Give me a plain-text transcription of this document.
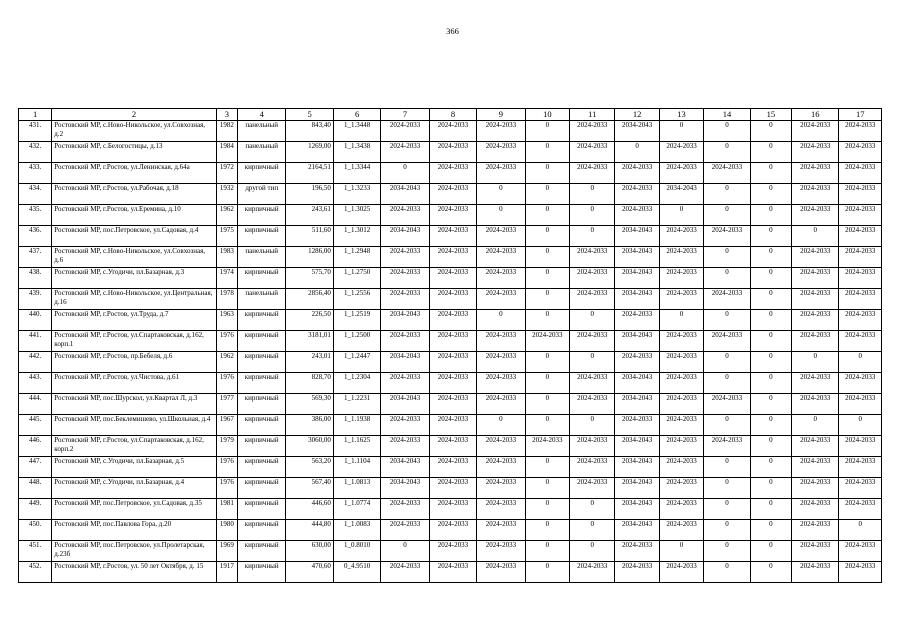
366
1	2	3	4	5	6	7	8	9	10	11	12	13	14	15	16	17
431.	Ростовский МР, с.Ново-Никольское, ул.Совхозная, д.2	1982	панельный	843,40	1_1.3448	2024-2033	2024-2033	2024-2033	0	2024-2033	2034-2043	0	0	0	2024-2033	2024-2033
432.	Ростовский МР, с.Белогостицы, д.13	1984	панельный	1269,00	1_1.3438	2024-2033	2024-2033	2024-2033	0	2024-2033	0	2024-2033	0	0	2024-2033	2024-2033
433.	Ростовский МР, г.Ростов, ул.Ленинская, д.64а	1972	кирпичный	2164,51	1_1.3344	0	2024-2033	2024-2033	0	2024-2033	2024-2033	2024-2033	2024-2033	0	2024-2033	2024-2033
434.	Ростовский МР, г.Ростов, ул.Рабочая, д.18	1932	другой тип	196,50	1_1.3233	2034-2043	2024-2033	0	0	0	2024-2033	2034-2043	0	0	2024-2033	2024-2033
435.	Ростовский МР, г.Ростов, ул.Еремина, д.10	1962	кирпичный	243,61	1_1.3025	2024-2033	2024-2033	0	0	0	2024-2033	0	0	0	2024-2033	2024-2033
436.	Ростовский МР, пос.Петровское, ул.Садовая, д.4	1975	кирпичный	511,60	1_1.3012	2034-2043	2024-2033	2024-2033	0	0	2034-2043	2024-2033	2024-2033	0	0	2024-2033
437.	Ростовский МР, с.Ново-Никольское, ул.Совхозная, д.6	1983	панельный	1286,00	1_1.2948	2024-2033	2024-2033	2024-2033	0	2024-2033	2034-2043	2024-2033	0	0	2024-2033	2024-2033
438.	Ростовский МР, с.Угодичи, пл.Базарная, д.3	1974	кирпичный	575,70	1_1.2750	2024-2033	2024-2033	2024-2033	0	2024-2033	2034-2043	2024-2033	0	0	2024-2033	2024-2033
439.	Ростовский МР, с.Ново-Никольское, ул.Центральная, д.16	1978	панельный	2856,40	1_1.2556	2024-2033	2024-2033	2024-2033	0	2024-2033	2034-2043	2024-2033	2024-2033	0	2024-2033	2024-2033
440.	Ростовский МР, г.Ростов, ул.Труда, д.7	1963	кирпичный	226,50	1_1.2519	2034-2043	2024-2033	0	0	0	2024-2033	0	0	0	2024-2033	2024-2033
441.	Ростовский МР, г.Ростов, ул.Спартаковская, д.162, корп.1	1976	кирпичный	3181,01	1_1.2500	2024-2033	2024-2033	2024-2033	2024-2033	2024-2033	2034-2043	2024-2033	2024-2033	0	2024-2033	2024-2033
442.	Ростовский МР, г.Ростов, пр.Бебеля, д.6	1962	кирпичный	243,01	1_1.2447	2034-2043	2024-2033	2024-2033	0	0	2024-2033	2024-2033	0	0	0	0
443.	Ростовский МР, г.Ростов, ул.Чистова, д.61	1976	кирпичный	828,70	1_1.2304	2024-2033	2024-2033	2024-2033	0	2024-2033	2034-2043	2024-2033	0	0	2024-2033	2024-2033
444.	Ростовский МР, пос.Шурскол, ул.Квартал Л, д.3	1977	кирпичный	569,30	1_1.2231	2034-2043	2024-2033	2024-2033	0	2024-2033	2034-2043	2024-2033	2024-2033	0	2024-2033	2024-2033
445.	Ростовский МР, пос.Беклемишево, ул.Школьная, д.4	1967	кирпичный	386,00	1_1.1938	2024-2033	2024-2033	0	0	0	2024-2033	2024-2033	0	0	0	0
446.	Ростовский МР, г.Ростов, ул.Спартаковская, д.162, корп.2	1979	кирпичный	3060,00	1_1.1625	2024-2033	2024-2033	2024-2033	2024-2033	2024-2033	2034-2043	2024-2033	2024-2033	0	2024-2033	2024-2033
447.	Ростовский МР, с.Угодичи, пл.Базарная, д.5	1976	кирпичный	563,20	1_1.1104	2034-2043	2024-2033	2024-2033	0	2024-2033	2034-2043	2024-2033	0	0	2024-2033	2024-2033
448.	Ростовский МР, с.Угодичи, пл.Базарная, д.4	1976	кирпичный	567,40	1_1.0813	2034-2043	2024-2033	2024-2033	0	2024-2033	2034-2043	2024-2033	0	0	2024-2033	2024-2033
449.	Ростовский МР, пос.Петровское, ул.Садовая, д.35	1981	кирпичный	446,60	1_1.0774	2024-2033	2024-2033	2024-2033	0	0	2034-2043	2024-2033	0	0	2024-2033	2024-2033
450.	Ростовский МР, пос.Павлова Гора, д.20	1980	кирпичный	444,80	1_1.0083	2024-2033	2024-2033	2024-2033	0	0	2034-2043	2024-2033	0	0	2024-2033	0
451.	Ростовский МР, пос.Петровское, ул.Пролетарская, д.23б	1969	кирпичный	630,00	1_0.8010	0	2024-2033	2024-2033	0	0	2024-2033	0	0	0	2024-2033	2024-2033
452.	Ростовский МР, г.Ростов, ул. 50 лет Октября, д. 15	1917	кирпичный	470,60	0_4.9510	2024-2033	2024-2033	2024-2033	0	2024-2033	2024-2033	2024-2033	0	0	2024-2033	2024-2033
